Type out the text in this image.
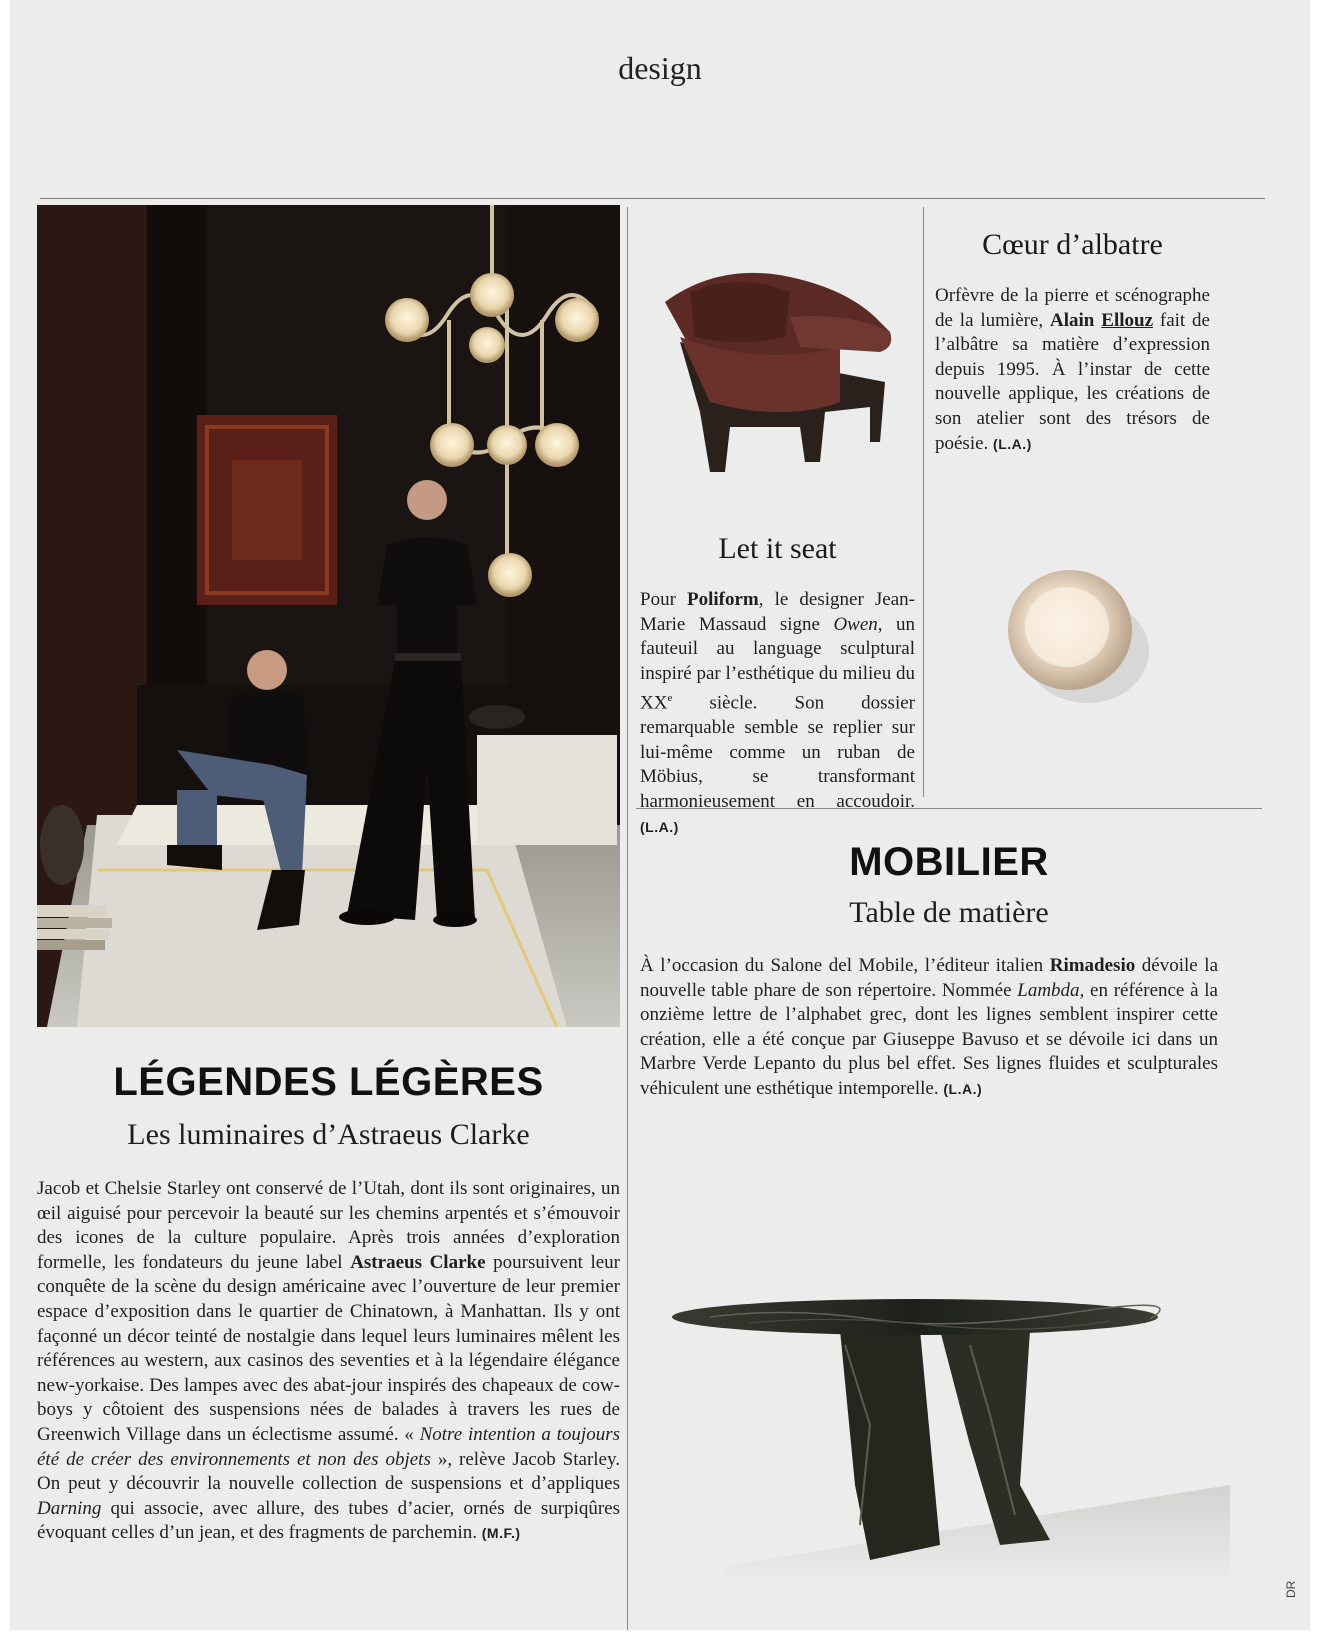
design
LÉGENDES LÉGÈRES
Les luminaires d’Astraeus Clarke
Jacob et Chelsie Starley ont conservé de l’Utah, dont ils sont originaires, un œil aiguisé pour percevoir la beauté sur les chemins arpentés et s’émouvoir des icones de la culture populaire. Après trois années d’exploration formelle, les fondateurs du jeune label Astraeus Clarke poursuivent leur conquête de la scène du design américaine avec l’ouverture de leur premier espace d’exposition dans le quartier de Chinatown, à Manhattan. Ils y ont façonné un décor teinté de nostalgie dans lequel leurs luminaires mêlent les références au western, aux casinos des seventies et à la légendaire élégance new-yorkaise. Des lampes avec des abat-jour inspirés des chapeaux de cow-boys y côtoient des suspensions nées de balades à travers les rues de Greenwich Village dans un éclectisme assumé. « Notre intention a toujours été de créer des environnements et non des objets », relève Jacob Starley. On peut y découvrir la nouvelle collection de suspensions et d’appliques Darning qui associe, avec allure, des tubes d’acier, ornés de surpiqûres évoquant celles d’un jean, et des fragments de parchemin. (M.F.)
Let it seat
Pour Poliform, le designer Jean-Marie Massaud signe Owen, un fauteuil au language sculptural inspiré par l’esthétique du milieu du XXe siècle. Son dossier remarquable semble se replier sur lui-même comme un ruban de Möbius, se transformant harmonieusement en accoudoir. (L.A.)
Cœur d’albatre
Orfèvre de la pierre et scénographe de la lumière, Alain Ellouz fait de l’albâtre sa matière d’expression depuis 1995. À l’instar de cette nouvelle applique, les créations de son atelier sont des trésors de poésie. (L.A.)
MOBILIER
Table de matière
À l’occasion du Salone del Mobile, l’éditeur italien Rimadesio dévoile la nouvelle table phare de son répertoire. Nommée Lambda, en référence à la onzième lettre de l’alphabet grec, dont les lignes semblent inspirer cette création, elle a été conçue par Giuseppe Bavuso et se dévoile ici dans un Marbre Verde Lepanto du plus bel effet. Ses lignes fluides et sculpturales véhiculent une esthétique intemporelle. (L.A.)
DR
